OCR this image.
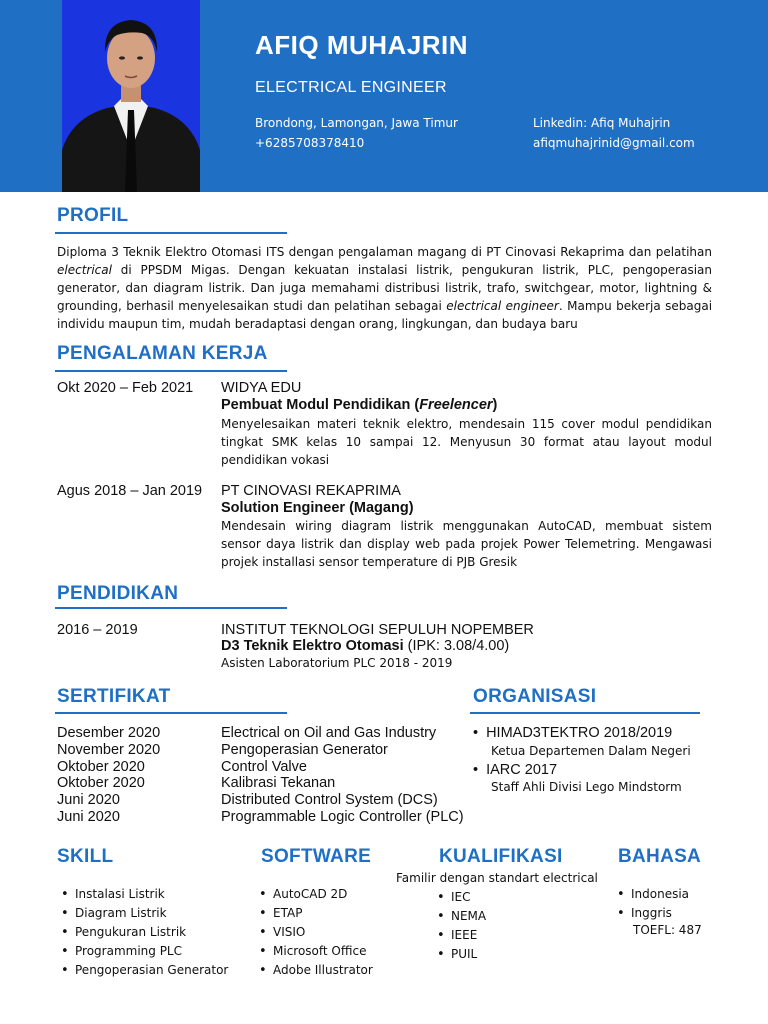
AFIQ MUHAJRIN
ELECTRICAL ENGINEER
Brondong, Lamongan, Jawa Timur
+6285708378410
Linkedin: Afiq Muhajrin
afiqmuhajrinid@gmail.com
PROFIL
Diploma 3 Teknik Elektro Otomasi ITS dengan pengalaman magang di PT Cinovasi Rekaprima dan pelatihan electrical di PPSDM Migas. Dengan kekuatan instalasi listrik, pengukuran listrik, PLC, pengoperasian generator, dan diagram listrik. Dan juga memahami distribusi listrik, trafo, switchgear, motor, lightning & grounding, berhasil menyelesaikan studi dan pelatihan sebagai electrical engineer. Mampu bekerja sebagai individu maupun tim, mudah beradaptasi dengan orang, lingkungan, dan budaya baru
PENGALAMAN KERJA
Okt 2020 – Feb 2021 WIDYA EDU
Pembuat Modul Pendidikan (Freelencer)
Menyelesaikan materi teknik elektro, mendesain 115 cover modul pendidikan tingkat SMK kelas 10 sampai 12. Menyusun 30 format atau layout modul pendidikan vokasi
Agus 2018 – Jan 2019 PT CINOVASI REKAPRIMA
Solution Engineer (Magang)
Mendesain wiring diagram listrik menggunakan AutoCAD, membuat sistem sensor daya listrik dan display web pada projek Power Telemetring. Mengawasi projek installasi sensor temperature di PJB Gresik
PENDIDIKAN
2016 – 2019	INSTITUT TEKNOLOGI SEPULUH NOPEMBER
D3 Teknik Elektro Otomasi (IPK: 3.08/4.00)
Asisten Laboratorium PLC 2018 - 2019
SERTIFIKAT
Desember 2020
November 2020
Oktober 2020
Oktober 2020
Juni 2020
Juni 2020
Electrical on Oil and Gas Industry
Pengoperasian Generator
Control Valve
Kalibrasi Tekanan
Distributed Control System (DCS)
Programmable Logic Controller (PLC)
ORGANISASI
• HIMAD3TEKTRO 2018/2019
Ketua Departemen Dalam Negeri
• IARC 2017
Staff Ahli Divisi Lego Mindstorm
SKILL
• Instalasi Listrik
• Diagram Listrik
• Pengukuran Listrik
• Programming PLC
• Pengoperasian Generator
SOFTWARE
• AutoCAD 2D
• ETAP
• VISIO
• Microsoft Office
• Adobe Illustrator
KUALIFIKASI
Familir dengan standart electrical
• IEC
• NEMA
• IEEE
• PUIL
BAHASA
• Indonesia
• Inggris
TOEFL: 487
